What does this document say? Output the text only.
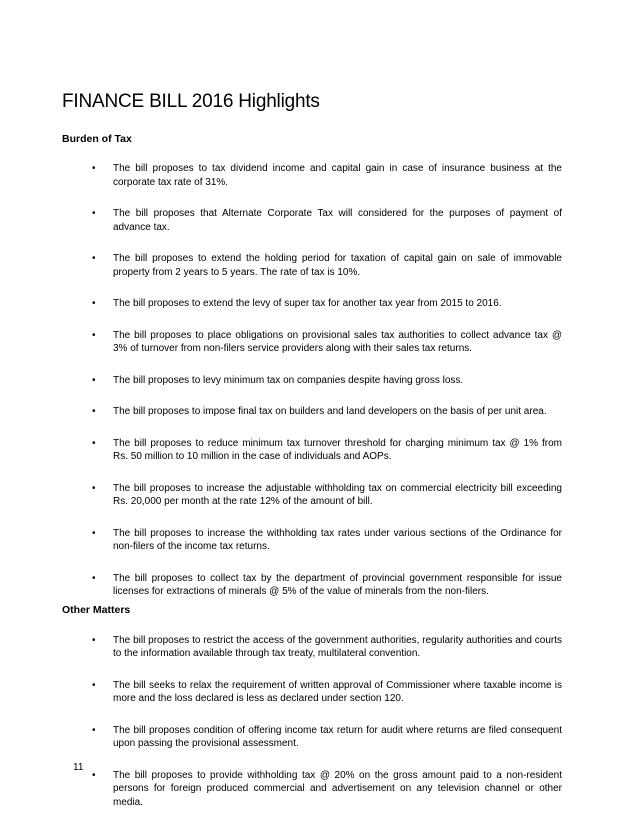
FINANCE BILL 2016 Highlights
Burden of Tax
• The bill proposes to tax dividend income and capital gain in case of insurance business at the corporate tax rate of 31%.
• The bill proposes that Alternate Corporate Tax will considered for the purposes of payment of advance tax.
• The bill proposes to extend the holding period for taxation of capital gain on sale of immovable property from 2 years to 5 years. The rate of tax is 10%.
• The bill proposes to extend the levy of super tax for another tax year from 2015 to 2016.
• The bill proposes to place obligations on provisional sales tax authorities to collect advance tax @ 3% of turnover from non-filers service providers along with their sales tax returns.
• The bill proposes to levy minimum tax on companies despite having gross loss.
• The bill proposes to impose final tax on builders and land developers on the basis of per unit area.
• The bill proposes to reduce minimum tax turnover threshold for charging minimum tax @ 1% from Rs. 50 million to 10 million in the case of individuals and AOPs.
• The bill proposes to increase the adjustable withholding tax on commercial electricity bill exceeding Rs. 20,000 per month at the rate 12% of the amount of bill.
• The bill proposes to increase the withholding tax rates under various sections of the Ordinance for non-filers of the income tax returns.
• The bill proposes to collect tax by the department of provincial government responsible for issue licenses for extractions of minerals @ 5% of the value of minerals from the non-filers.
Other Matters
• The bill proposes to restrict the access of the government authorities, regularity authorities and courts to the information available through tax treaty, multilateral convention.
• The bill seeks to relax the requirement of written approval of Commissioner where taxable income is more and the loss declared is less as declared under section 120.
• The bill proposes condition of offering income tax return for audit where returns are filed consequent upon passing the provisional assessment.
• The bill proposes to provide withholding tax @ 20% on the gross amount paid to a non-resident persons for foreign produced commercial and advertisement on any television channel or other media.
11
